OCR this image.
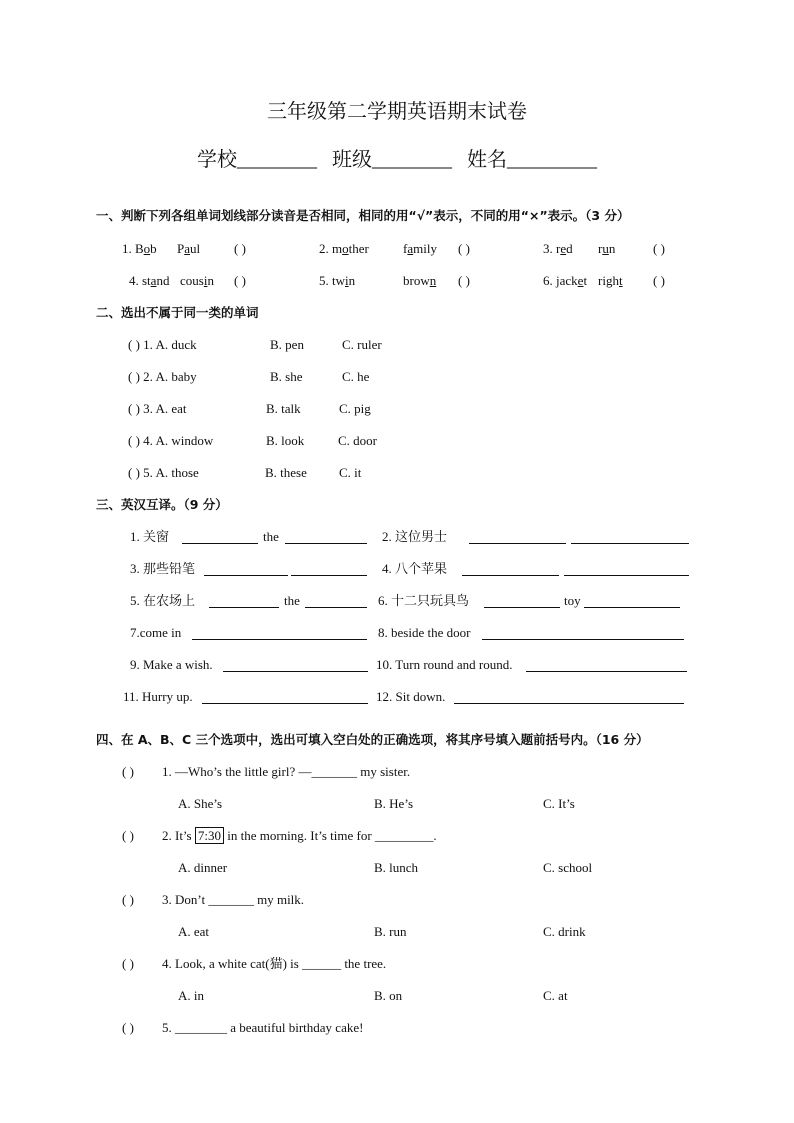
三年级第二学期英语期末试卷
学校________ 班级________ 姓名_________
一、判断下列各组单词划线部分读音是否相同，相同的用“√”表示，不同的用“×”表示。（3 分）
1. Bob Paul	( )	2. mother	family ( )	3. red run	( )
4. stand cousin ( )	5. twin	brown ( )	6. jacket right ( )
二、选出不属于同一类的单词
( ) 1. A. duck	B. pen	C. ruler
( ) 2. A. baby	B. she	C. he
( ) 3. A. eat	B. talk	C. pig
( ) 4. A. window	B. look	C. door
( ) 5. A. those	B. these C. it
三、英汉互译。（9 分）
1. 关窗	the	2. 这位男士
3. 那些铅笔	4. 八个苹果
5. 在农场上	the	6. 十二只玩具鸟	toy
7.come in	8. beside the door
9. Make a wish.	10. Turn round and round.
11. Hurry up.	12. Sit down.
四、在 A、B、C 三个选项中，选出可填入空白处的正确选项，将其序号填入题前括号内。（16 分）
( ) 1. —Who’s the little girl? —_______ my sister.
A. She’s	B. He’s	C. It’s
( ) 2. It’s 7:30 in the morning. It’s time for _________.
A. dinner	B. lunch	C. school
( ) 3. Don’t _______ my milk.
A. eat	B. run	C. drink
( ) 4. Look, a white cat(猫) is ______ the tree.
A. in	B. on	C. at
( ) 5. ________ a beautiful birthday cake!
